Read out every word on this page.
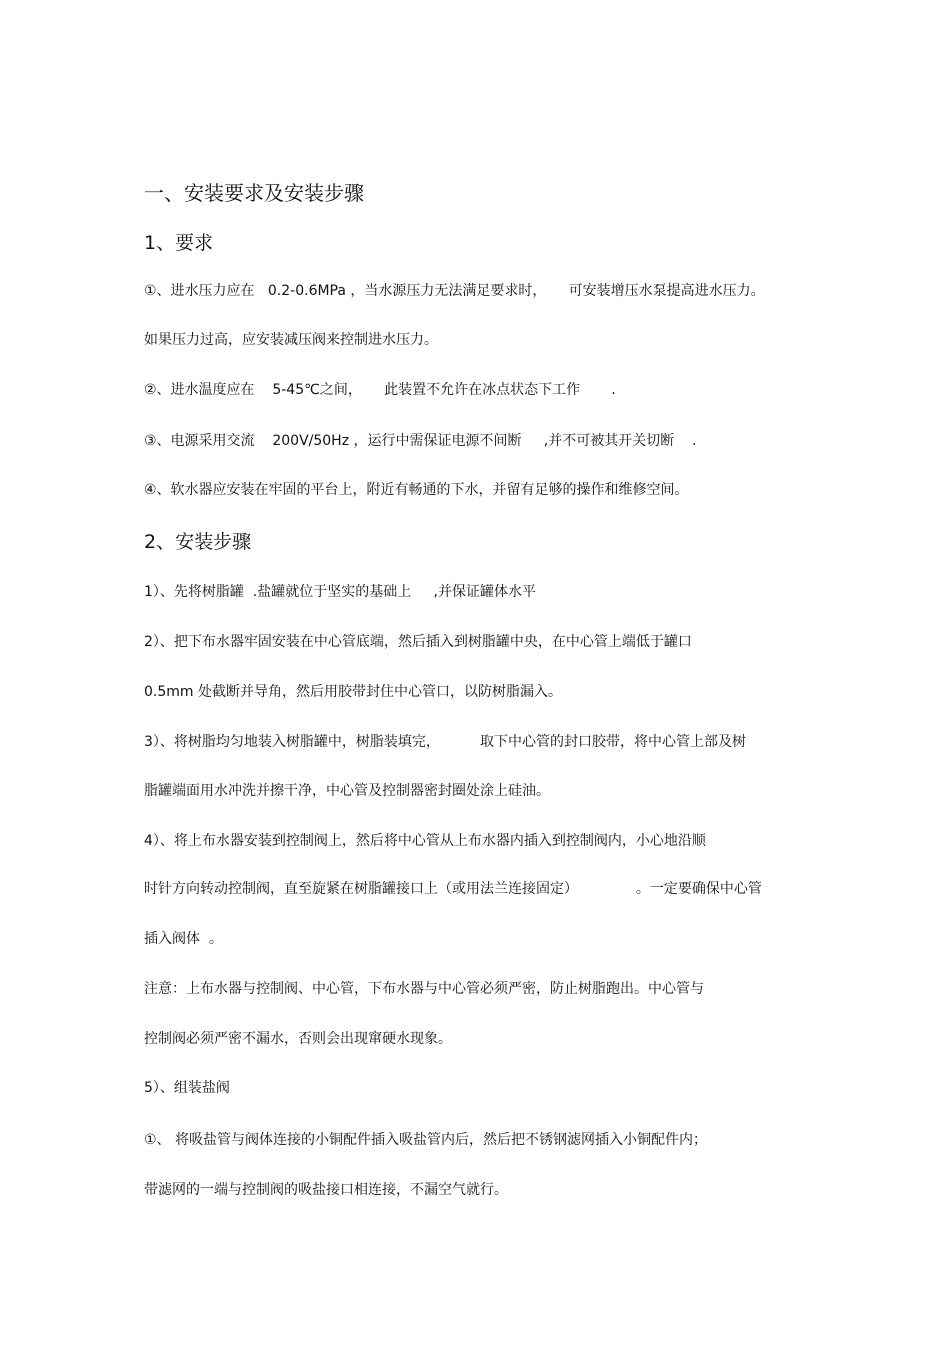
一、安装要求及安装步骤
1、要求
①、进水压力应在   0.2-0.6MPa ，当水源压力无法满足要求时，     可安装增压水泵提高进水压力。
如果压力过高，应安装减压阀来控制进水压力。
②、进水温度应在    5-45℃之间，     此装置不允许在冰点状态下工作       .
③、电源采用交流    200V/50Hz ，运行中需保证电源不间断     ,并不可被其开关切断    .
④、软水器应安装在牢固的平台上，附近有畅通的下水，并留有足够的操作和维修空间。
2、安装步骤
1）、先将树脂罐  .盐罐就位于坚实的基础上     ,并保证罐体水平
2）、把下布水器牢固安装在中心管底端，然后插入到树脂罐中央，在中心管上端低于罐口
0.5mm 处截断并导角，然后用胶带封住中心管口，以防树脂漏入。
3）、将树脂均匀地装入树脂罐中，树脂装填完，         取下中心管的封口胶带，将中心管上部及树
脂罐端面用水冲洗并擦干净，中心管及控制器密封圈处涂上硅油。
4）、将上布水器安装到控制阀上，然后将中心管从上布水器内插入到控制阀内，小心地沿顺
时针方向转动控制阀，直至旋紧在树脂罐接口上（或用法兰连接固定）             。一定要确保中心管
插入阀体  。
注意：上布水器与控制阀、中心管，下布水器与中心管必须严密，防止树脂跑出。中心管与
控制阀必须严密不漏水，否则会出现窜硬水现象。
5）、组装盐阀
①、 将吸盐管与阀体连接的小铜配件插入吸盐管内后，然后把不锈钢滤网插入小铜配件内；
带滤网的一端与控制阀的吸盐接口相连接，不漏空气就行。
